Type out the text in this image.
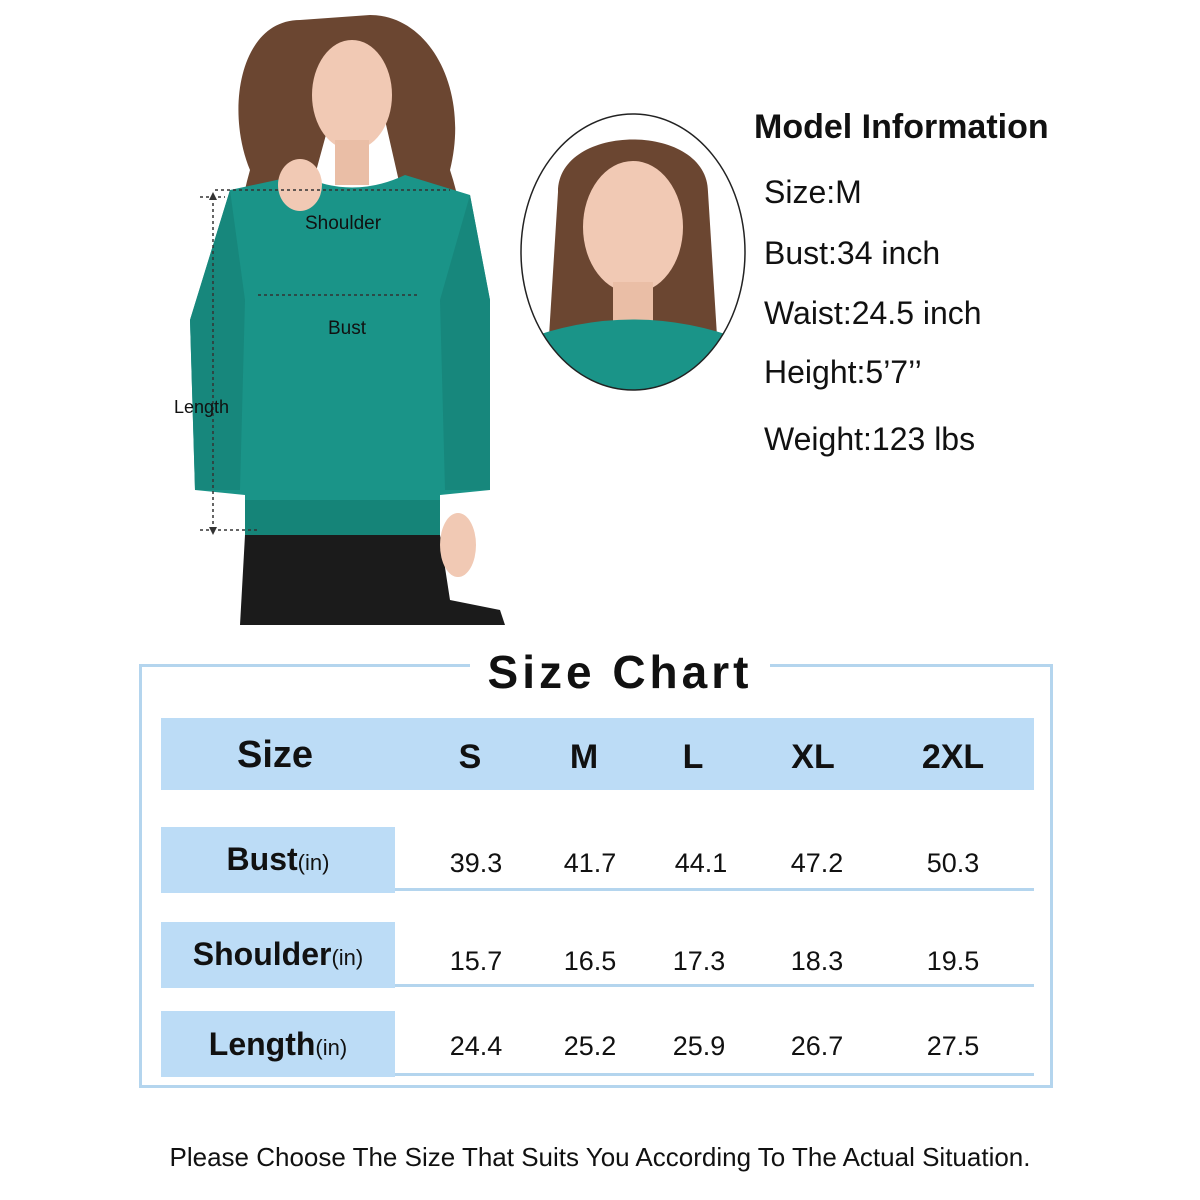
Shoulder
Bust
Length
Model Information
Size:M
Bust:34 inch
Waist:24.5 inch
Height:5’7’’
Weight:123 lbs
Size Chart
Size	S	M	L	XL	2XL
Bust(in)	39.3	41.7	44.1	47.2	50.3
Shoulder(in)	15.7	16.5	17.3	18.3	19.5
Length(in)	24.4	25.2	25.9	26.7	27.5
Please Choose The Size That Suits You According To The Actual Situation.
